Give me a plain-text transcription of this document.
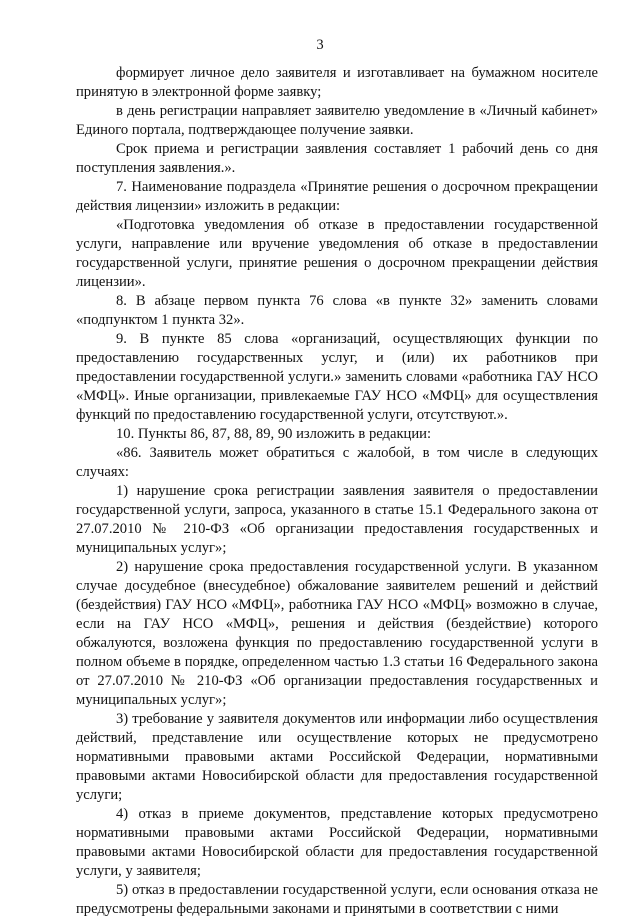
3

формирует личное дело заявителя и изготавливает на бумажном носителе принятую в электронной форме заявку;

в день регистрации направляет заявителю уведомление в «Личный кабинет» Единого портала, подтверждающее получение заявки.

Срок приема и регистрации заявления составляет 1 рабочий день со дня поступления заявления.».

7. Наименование подраздела «Принятие решения о досрочном прекращении действия лицензии» изложить в редакции:

«Подготовка уведомления об отказе в предоставлении государственной услуги, направление или вручение уведомления об отказе в предоставлении государственной услуги, принятие решения о досрочном прекращении действия лицензии».

8. В абзаце первом пункта 76 слова «в пункте 32» заменить словами «подпунктом 1 пункта 32».

9. В пункте 85 слова «организаций, осуществляющих функции по предоставлению государственных услуг, и (или) их работников при предоставлении государственной услуги.» заменить словами «работника ГАУ НСО «МФЦ». Иные организации, привлекаемые ГАУ НСО «МФЦ» для осуществления функций по предоставлению государственной услуги, отсутствуют.».

10. Пункты 86, 87, 88, 89, 90 изложить в редакции:

«86. Заявитель может обратиться с жалобой, в том числе в следующих случаях:

1) нарушение срока регистрации заявления заявителя о предоставлении государственной услуги, запроса, указанного в статье 15.1 Федерального закона от 27.07.2010 № 210-ФЗ «Об организации предоставления государственных и муниципальных услуг»;

2) нарушение срока предоставления государственной услуги. В указанном случае досудебное (внесудебное) обжалование заявителем решений и действий (бездействия) ГАУ НСО «МФЦ», работника ГАУ НСО «МФЦ» возможно в случае, если на ГАУ НСО «МФЦ», решения и действия (бездействие) которого обжалуются, возложена функция по предоставлению государственной услуги в полном объеме в порядке, определенном частью 1.3 статьи 16 Федерального закона от 27.07.2010 № 210-ФЗ «Об организации предоставления государственных и муниципальных услуг»;

3) требование у заявителя документов или информации либо осуществления действий, представление или осуществление которых не предусмотрено нормативными правовыми актами Российской Федерации, нормативными правовыми актами Новосибирской области для предоставления государственной услуги;

4) отказ в приеме документов, представление которых предусмотрено нормативными правовыми актами Российской Федерации, нормативными правовыми актами Новосибирской области для предоставления государственной услуги, у заявителя;

5) отказ в предоставлении государственной услуги, если основания отказа не предусмотрены федеральными законами и принятыми в соответствии с ними
